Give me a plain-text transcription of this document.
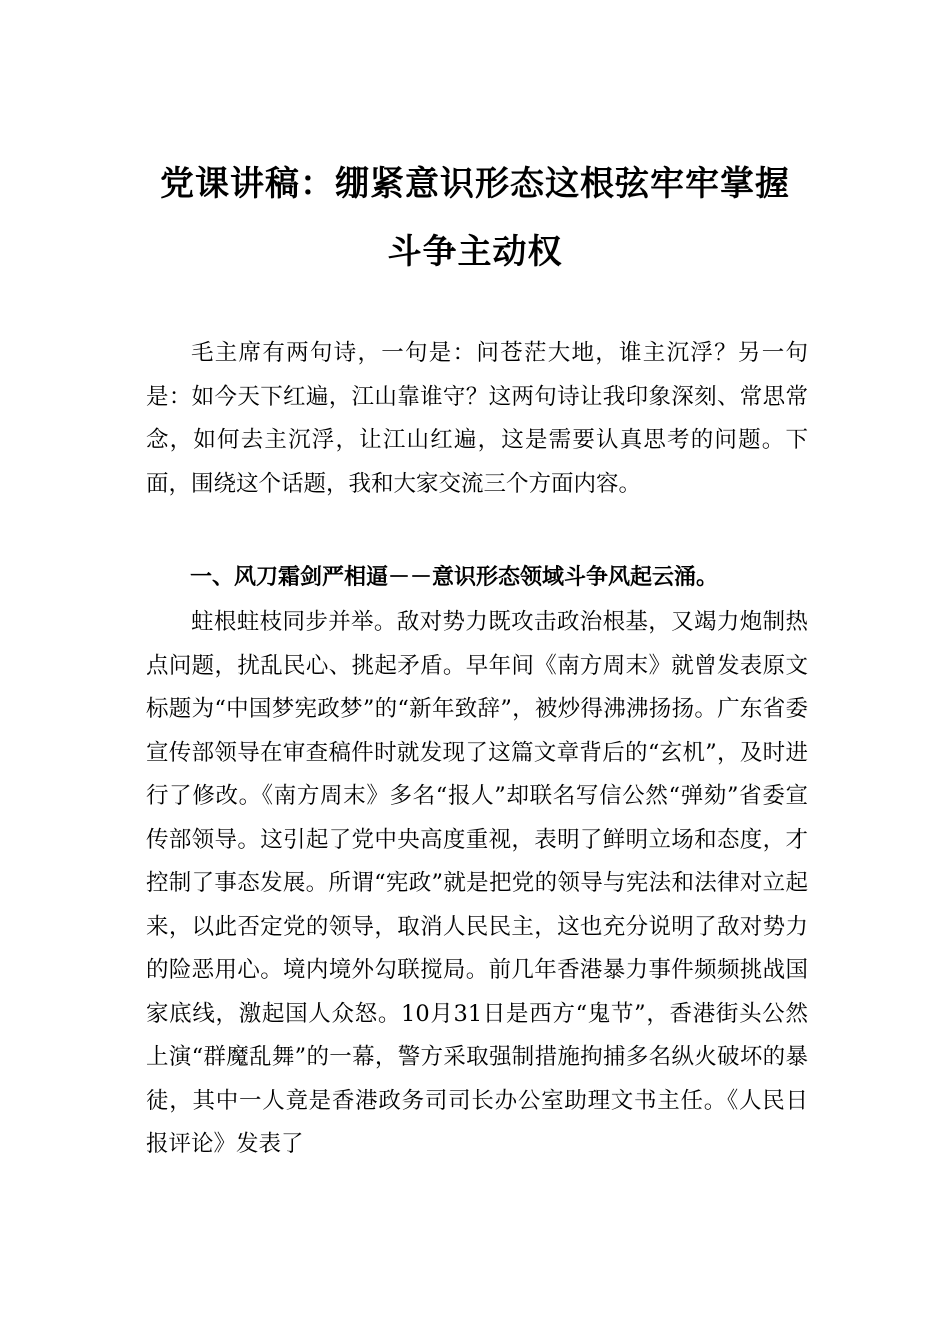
党课讲稿：绷紧意识形态这根弦牢牢掌握
斗争主动权

毛主席有两句诗，一句是：问苍茫大地，谁主沉浮？另一句是：如今天下红遍，江山靠谁守？这两句诗让我印象深刻、常思常念，如何去主沉浮，让江山红遍，这是需要认真思考的问题。下面，围绕这个话题，我和大家交流三个方面内容。

一、风刀霜剑严相逼－－意识形态领域斗争风起云涌。

蛀根蛀枝同步并举。敌对势力既攻击政治根基，又竭力炮制热点问题，扰乱民心、挑起矛盾。早年间《南方周末》就曾发表原文标题为“中国梦宪政梦”的“新年致辞”，被炒得沸沸扬扬。广东省委宣传部领导在审查稿件时就发现了这篇文章背后的“玄机”，及时进行了修改。《南方周末》多名“报人”却联名写信公然“弹劾”省委宣传部领导。这引起了党中央高度重视，表明了鲜明立场和态度，才控制了事态发展。所谓“宪政”就是把党的领导与宪法和法律对立起来，以此否定党的领导，取消人民民主，这也充分说明了敌对势力的险恶用心。境内境外勾联搅局。前几年香港暴力事件频频挑战国家底线，激起国人众怒。10月31日是西方“鬼节”，香港街头公然上演“群魔乱舞”的一幕，警方采取强制措施拘捕多名纵火破坏的暴徒，其中一人竟是香港政务司司长办公室助理文书主任。《人民日报评论》发表了
